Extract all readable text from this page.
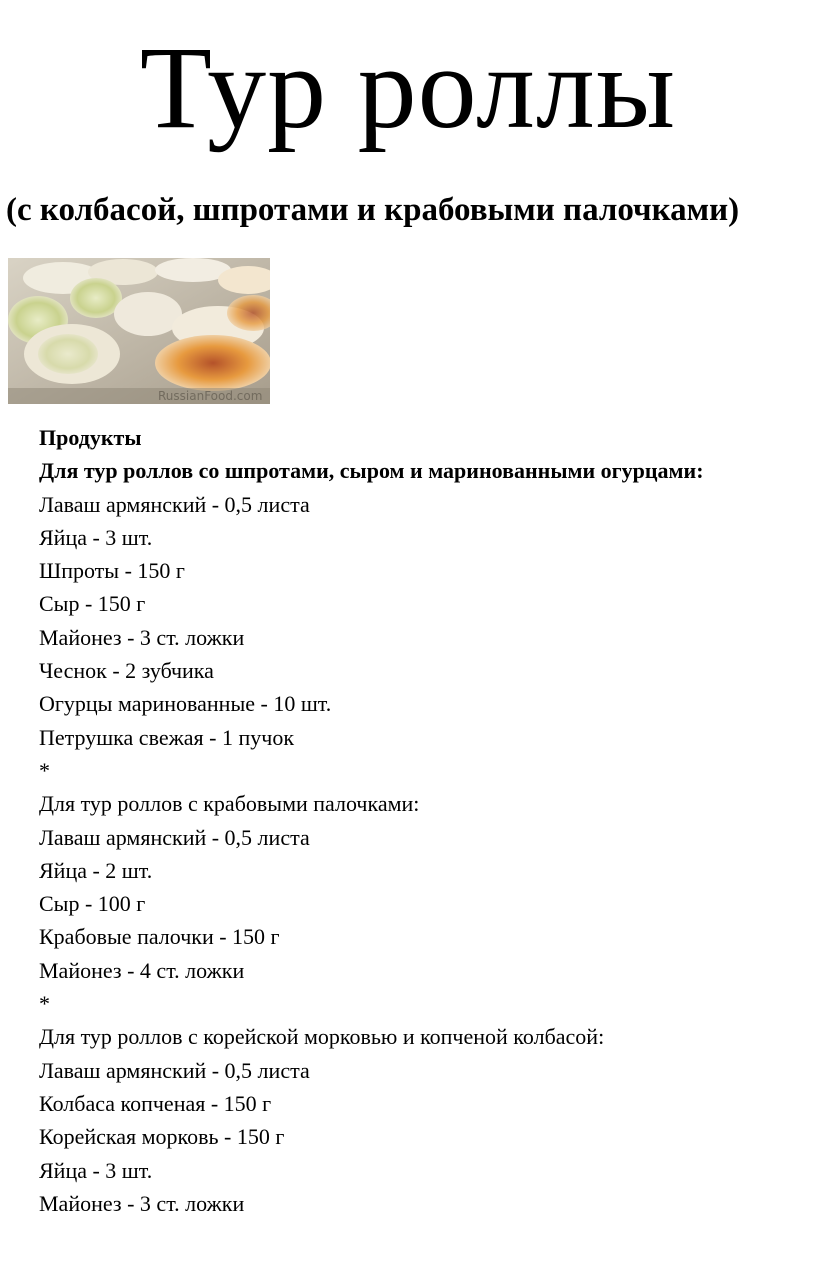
Тур роллы
(с колбасой, шпротами и крабовыми палочками)
RussianFood.com
Продукты
Для тур роллов со шпротами, сыром и маринованными огурцами:
Лаваш армянский - 0,5 листа
Яйца - 3 шт.
Шпроты - 150 г
Сыр - 150 г
Майонез - 3 ст. ложки
Чеснок - 2 зубчика
Огурцы маринованные - 10 шт.
Петрушка свежая - 1 пучок
*
Для тур роллов с крабовыми палочками:
Лаваш армянский - 0,5 листа
Яйца - 2 шт.
Сыр - 100 г
Крабовые палочки - 150 г
Майонез - 4 ст. ложки
*
Для тур роллов с корейской морковью и копченой колбасой:
Лаваш армянский - 0,5 листа
Колбаса копченая - 150 г
Корейская морковь - 150 г
Яйца - 3 шт.
Майонез - 3 ст. ложки
